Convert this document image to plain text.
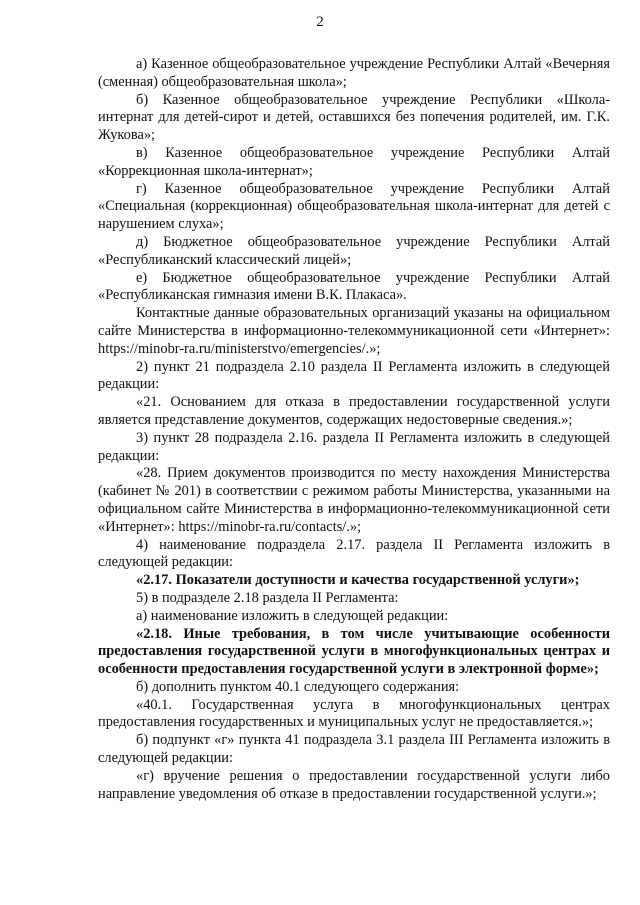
2

а) Казенное общеобразовательное учреждение Республики Алтай «Вечерняя (сменная) общеобразовательная школа»;

б) Казенное общеобразовательное учреждение Республики «Школа-интернат для детей-сирот и детей, оставшихся без попечения родителей, им. Г.К. Жукова»;

в) Казенное общеобразовательное учреждение Республики Алтай «Коррекционная школа-интернат»;

г) Казенное общеобразовательное учреждение Республики Алтай «Специальная (коррекционная) общеобразовательная школа-интернат для детей с нарушением слуха»;

д) Бюджетное общеобразовательное учреждение Республики Алтай «Республиканский классический лицей»;

е) Бюджетное общеобразовательное учреждение Республики Алтай «Республиканская гимназия имени В.К. Плакаса».

Контактные данные образовательных организаций указаны на официальном сайте Министерства в информационно-телекоммуникационной сети «Интернет»: https://minobr-ra.ru/ministerstvo/emergencies/.»;

2) пункт 21 подраздела 2.10 раздела II Регламента изложить в следующей редакции:

«21. Основанием для отказа в предоставлении государственной услуги является представление документов, содержащих недостоверные сведения.»;

3) пункт 28 подраздела 2.16. раздела II Регламента изложить в следующей редакции:

«28. Прием документов производится по месту нахождения Министерства (кабинет № 201) в соответствии с режимом работы Министерства, указанными на официальном сайте Министерства в информационно-телекоммуникационной сети «Интернет»: https://minobr-ra.ru/contacts/.»;

4) наименование подраздела 2.17. раздела II Регламента изложить в следующей редакции:

«2.17. Показатели доступности и качества государственной услуги»;

5) в подразделе 2.18 раздела II Регламента:

а) наименование изложить в следующей редакции:

«2.18. Иные требования, в том числе учитывающие особенности предоставления государственной услуги в многофункциональных центрах и особенности предоставления государственной услуги в электронной форме»;

б) дополнить пунктом 40.1 следующего содержания:

«40.1. Государственная услуга в многофункциональных центрах предоставления государственных и муниципальных услуг не предоставляется.»;

б) подпункт «г» пункта 41 подраздела 3.1 раздела III Регламента изложить в следующей редакции:

«г) вручение решения о предоставлении государственной услуги либо направление уведомления об отказе в предоставлении государственной услуги.»;
